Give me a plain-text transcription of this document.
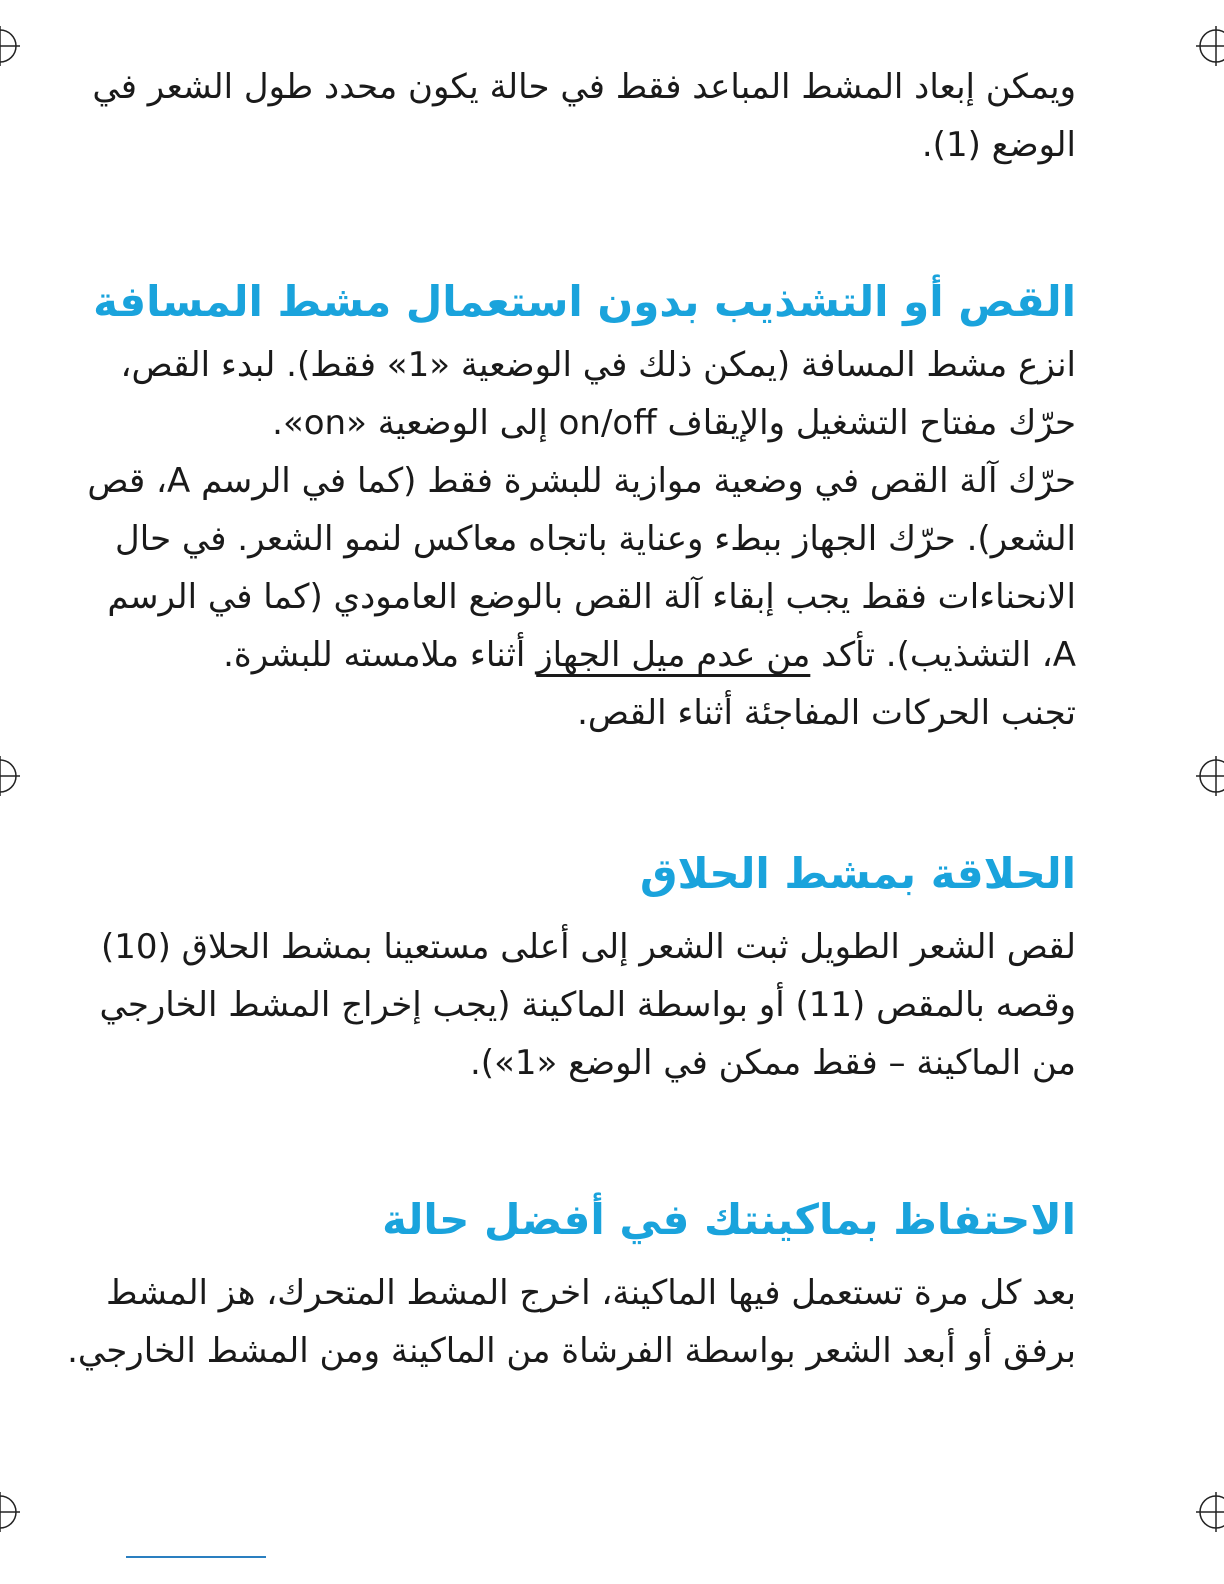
ويمكن إبعاد المشط المباعد فقط في حالة يكون محدد طول الشعر في
الوضع (1).

القص أو التشذيب بدون استعمال مشط المسافة

انزع مشط المسافة (يمكن ذلك في الوضعية «1» فقط). لبدء القص،
حرّك مفتاح التشغيل والإيقاف on/off إلى الوضعية «on».
حرّك آلة القص في وضعية موازية للبشرة فقط (كما في الرسم A، قص
الشعر). حرّك الجهاز ببطء وعناية باتجاه معاكس لنمو الشعر. في حال
الانحناءات فقط يجب إبقاء آلة القص بالوضع العامودي (كما في الرسم
A، التشذيب). تأكد من عدم ميل الجهاز أثناء ملامسته للبشرة.
تجنب الحركات المفاجئة أثناء القص.

الحلاقة بمشط الحلاق

لقص الشعر الطويل ثبت الشعر إلى أعلى مستعينا بمشط الحلاق (10)
وقصه بالمقص (11) أو بواسطة الماكينة (يجب إخراج المشط الخارجي
من الماكينة – فقط ممكن في الوضع «1»).

الاحتفاظ بماكينتك في أفضل حالة

بعد كل مرة تستعمل فيها الماكينة، اخرج المشط المتحرك، هز المشط
برفق أو أبعد الشعر بواسطة الفرشاة من الماكينة ومن المشط الخارجي.
